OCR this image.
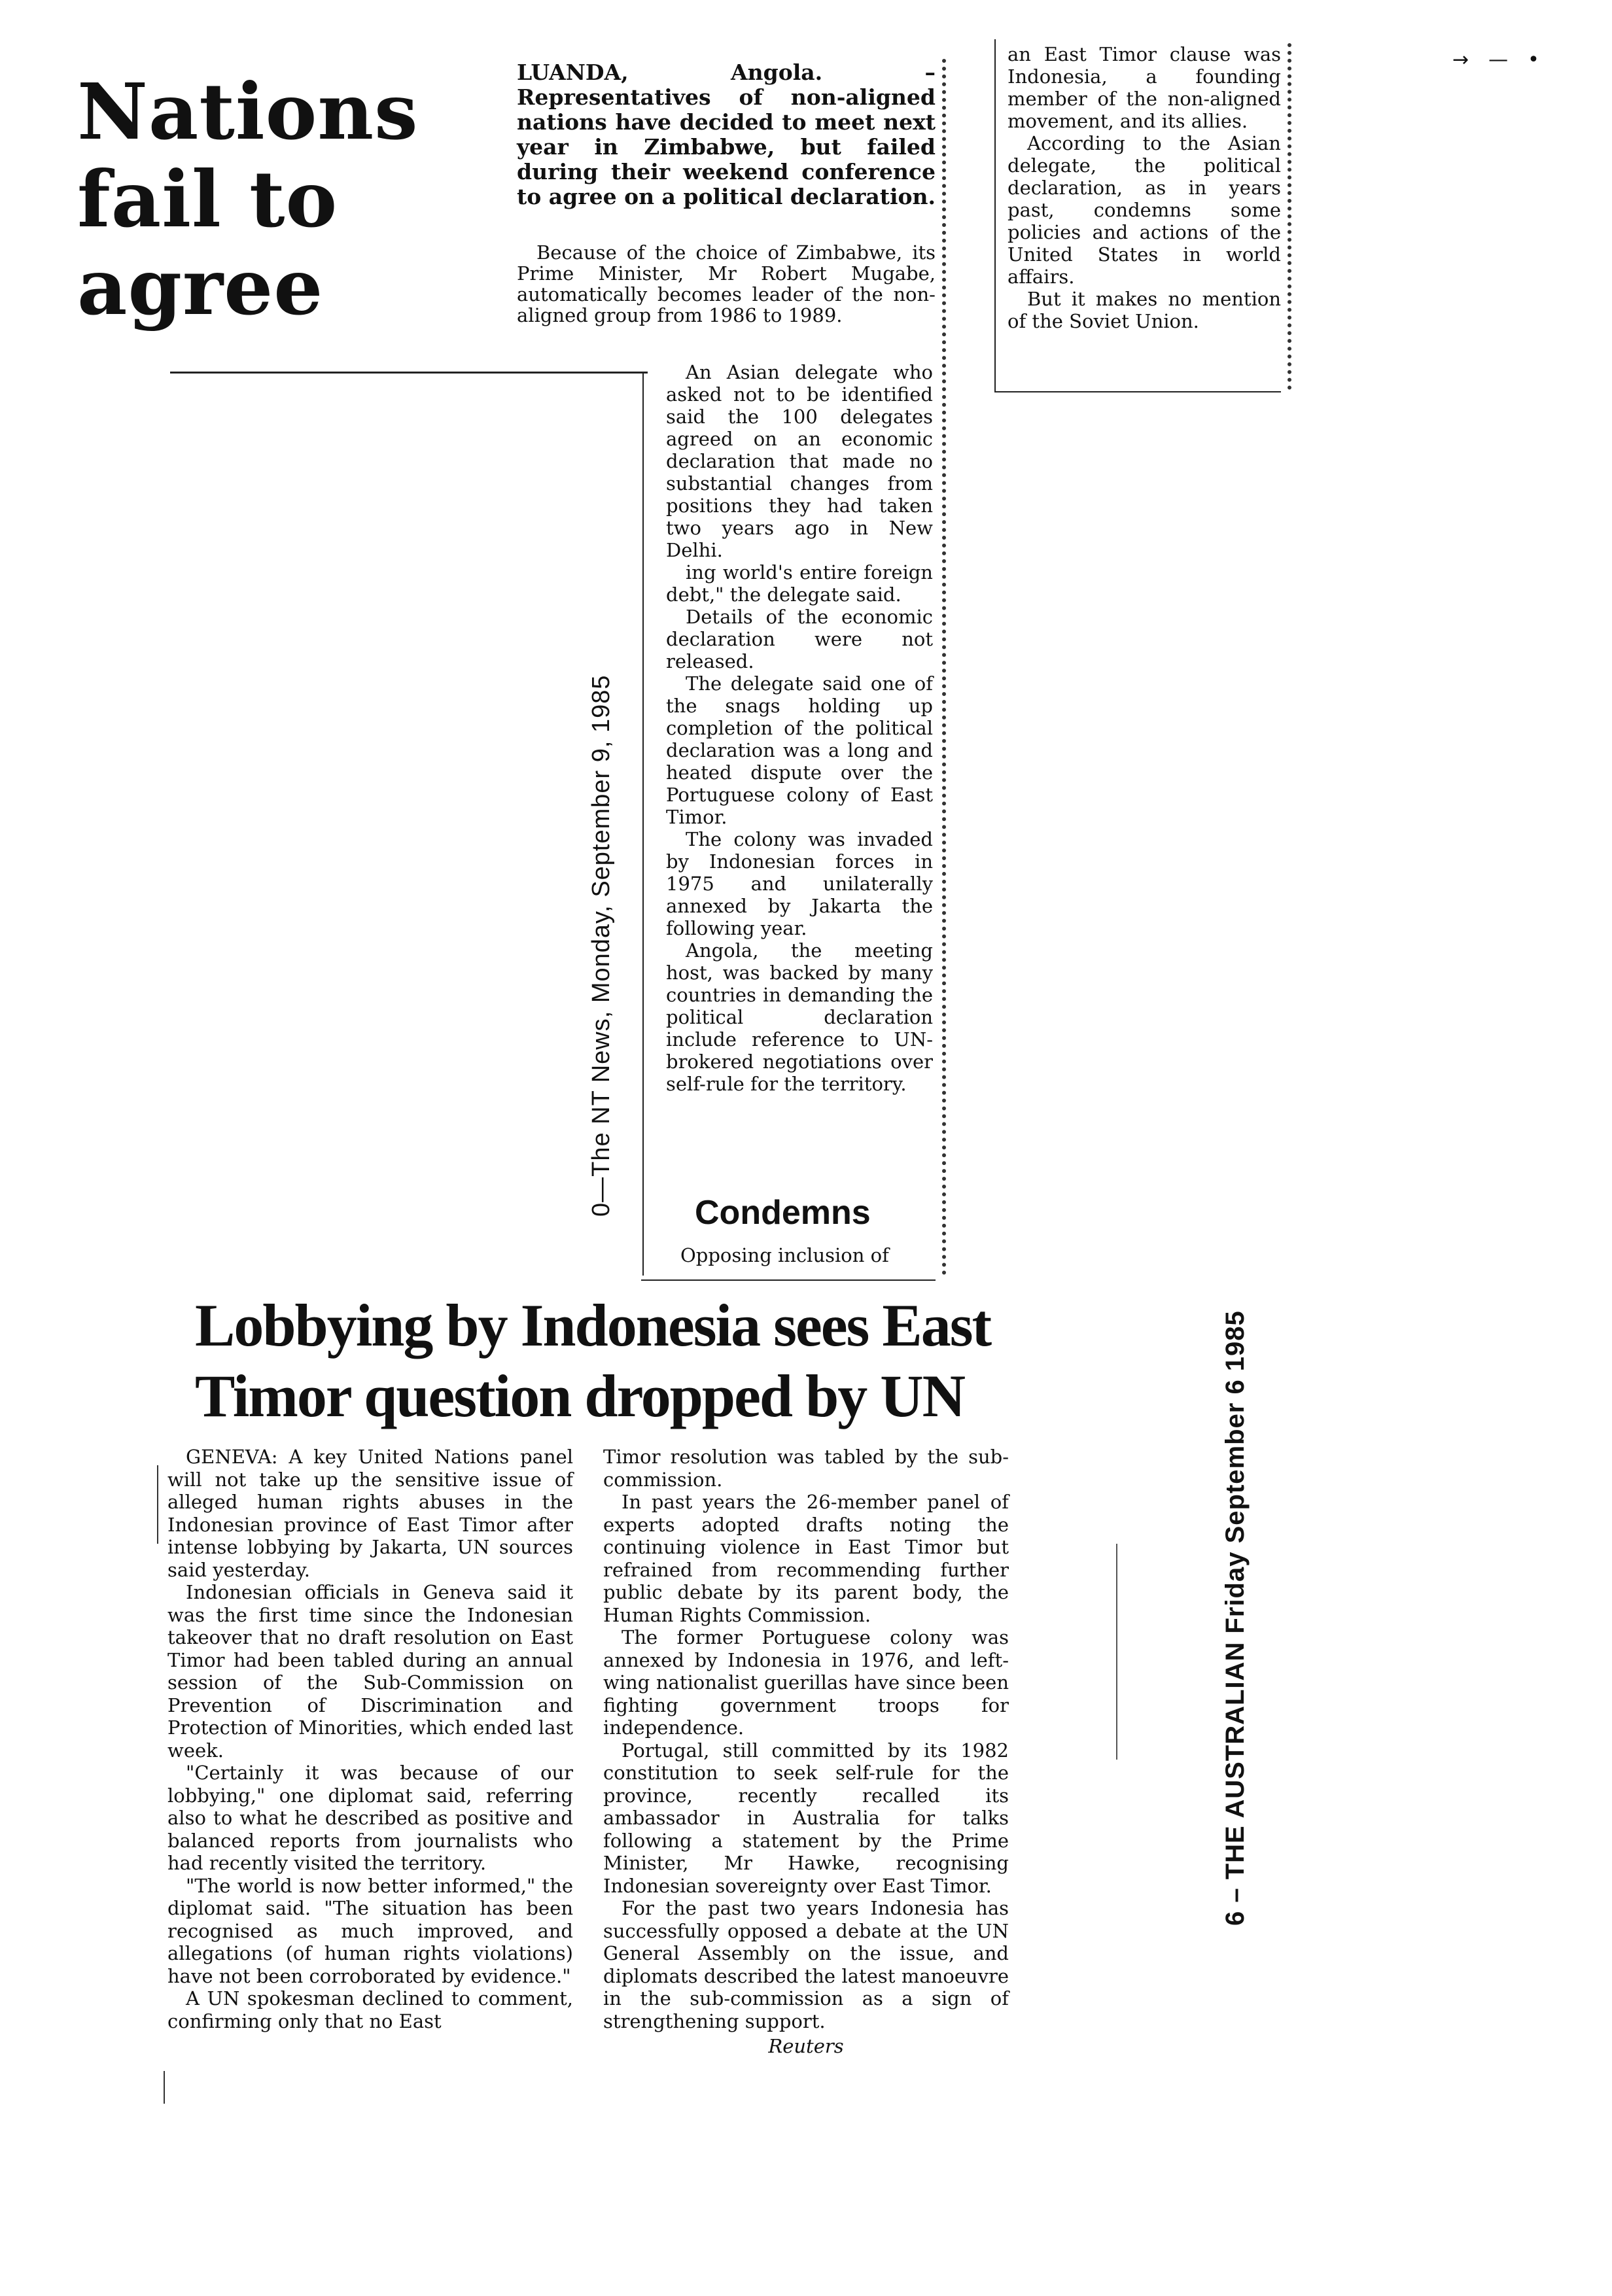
Nations
fail to
agree
LUANDA, Angola. – Representatives of non-aligned nations have decided to meet next year in Zimbabwe, but failed during their weekend conference to agree on a political declaration.
Because of the choice of Zimbabwe, its Prime Minister, Mr Robert Mugabe, automatically becomes leader of the non-aligned group from 1986 to 1989.
0—The NT News, Monday, September 9, 1985

An Asian delegate who asked not to be identified said the 100 delegates agreed on an economic declaration that made no substantial changes from positions they had taken two years ago in New Delhi.

ing world's entire foreign debt," the delegate said.

Details of the economic declaration were not released.

The delegate said one of the snags holding up completion of the political declaration was a long and heated dispute over the Portuguese colony of East Timor.

The colony was invaded by Indonesian forces in 1975 and unilaterally annexed by Jakarta the following year.

Angola, the meeting host, was backed by many countries in demanding the political declaration include reference to UN-brokered negotiations over self-rule for the territory.

Condemns
Opposing inclusion of

an East Timor clause was Indonesia, a founding member of the non-aligned movement, and its allies.

According to the Asian delegate, the political declaration, as in years past, condemns some policies and actions of the United States in world affairs.

But it makes no mention of the Soviet Union.

→—•
Lobbying by Indonesia sees East
Timor question dropped by UN

GENEVA: A key United Nations panel will not take up the sensitive issue of alleged human rights abuses in the Indonesian province of East Timor after intense lobbying by Jakarta, UN sources said yesterday.

Indonesian officials in Geneva said it was the first time since the Indonesian takeover that no draft resolution on East Timor had been tabled during an annual session of the Sub-Commission on Prevention of Discrimination and Protection of Minorities, which ended last week.

"Certainly it was because of our lobbying," one diplomat said, referring also to what he described as positive and balanced reports from journalists who had recently visited the territory.

"The world is now better informed," the diplomat said. "The situation has been recognised as much improved, and allegations (of human rights violations) have not been corroborated by evidence."

A UN spokesman declined to comment, confirming only that no East

Timor resolution was tabled by the sub-commission.

In past years the 26-member panel of experts adopted drafts noting the continuing violence in East Timor but refrained from recommending further public debate by its parent body, the Human Rights Commission.

The former Portuguese colony was annexed by Indonesia in 1976, and left-wing nationalist guerillas have since been fighting government troops for independence.

Portugal, still committed by its 1982 constitution to seek self-rule for the province, recently recalled its ambassador in Australia for talks following a statement by the Prime Minister, Mr Hawke, recognising Indonesian sovereignty over East Timor.

For the past two years Indonesia has successfully opposed a debate at the UN General Assembly on the issue, and diplomats described the latest manoeuvre in the sub-commission as a sign of strengthening support.

Reuters
6 – THE AUSTRALIAN Friday September 6 1985
